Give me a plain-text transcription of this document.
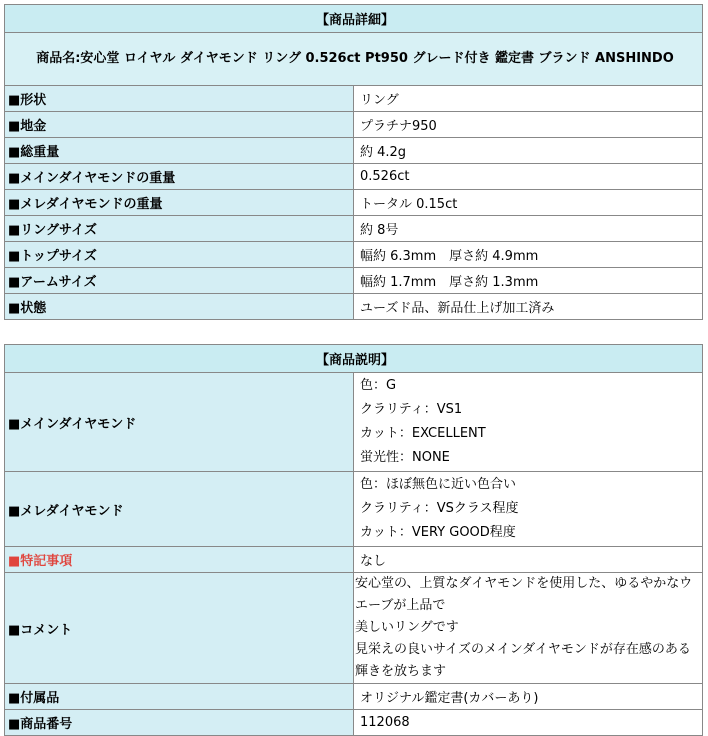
【商品詳細】	
商品名:安心堂 ロイヤル ダイヤモンド リング 0.526ct Pt950 グレード付き 鑑定書 ブランド ANSHINDO	
■形状	リング
■地金	プラチナ950
■総重量	約 4.2g
■メインダイヤモンドの重量	0.526ct
■メレダイヤモンドの重量	トータル 0.15ct
■リングサイズ	約 8号
■トップサイズ	幅約 6.3mm　厚さ約 4.9mm
■アームサイズ	幅約 1.7mm　厚さ約 1.3mm
■状態	ユーズド品、新品仕上げ加工済み
【商品説明】	
■メインダイヤモンド	色：G
クラリティ：VS1
カット：EXCELLENT
蛍光性：NONE

■メレダイヤモンド	色：ほぼ無色に近い色合い
クラリティ：VSクラス程度
カット：VERY GOOD程度

■特記事項	なし
■コメント	安心堂の、上質なダイヤモンドを使用した、ゆるやかなウエーブが上品で
美しいリングです
見栄えの良いサイズのメインダイヤモンドが存在感のある輝きを放ちます

■付属品	オリジナル鑑定書(カバーあり)
■商品番号	112068
